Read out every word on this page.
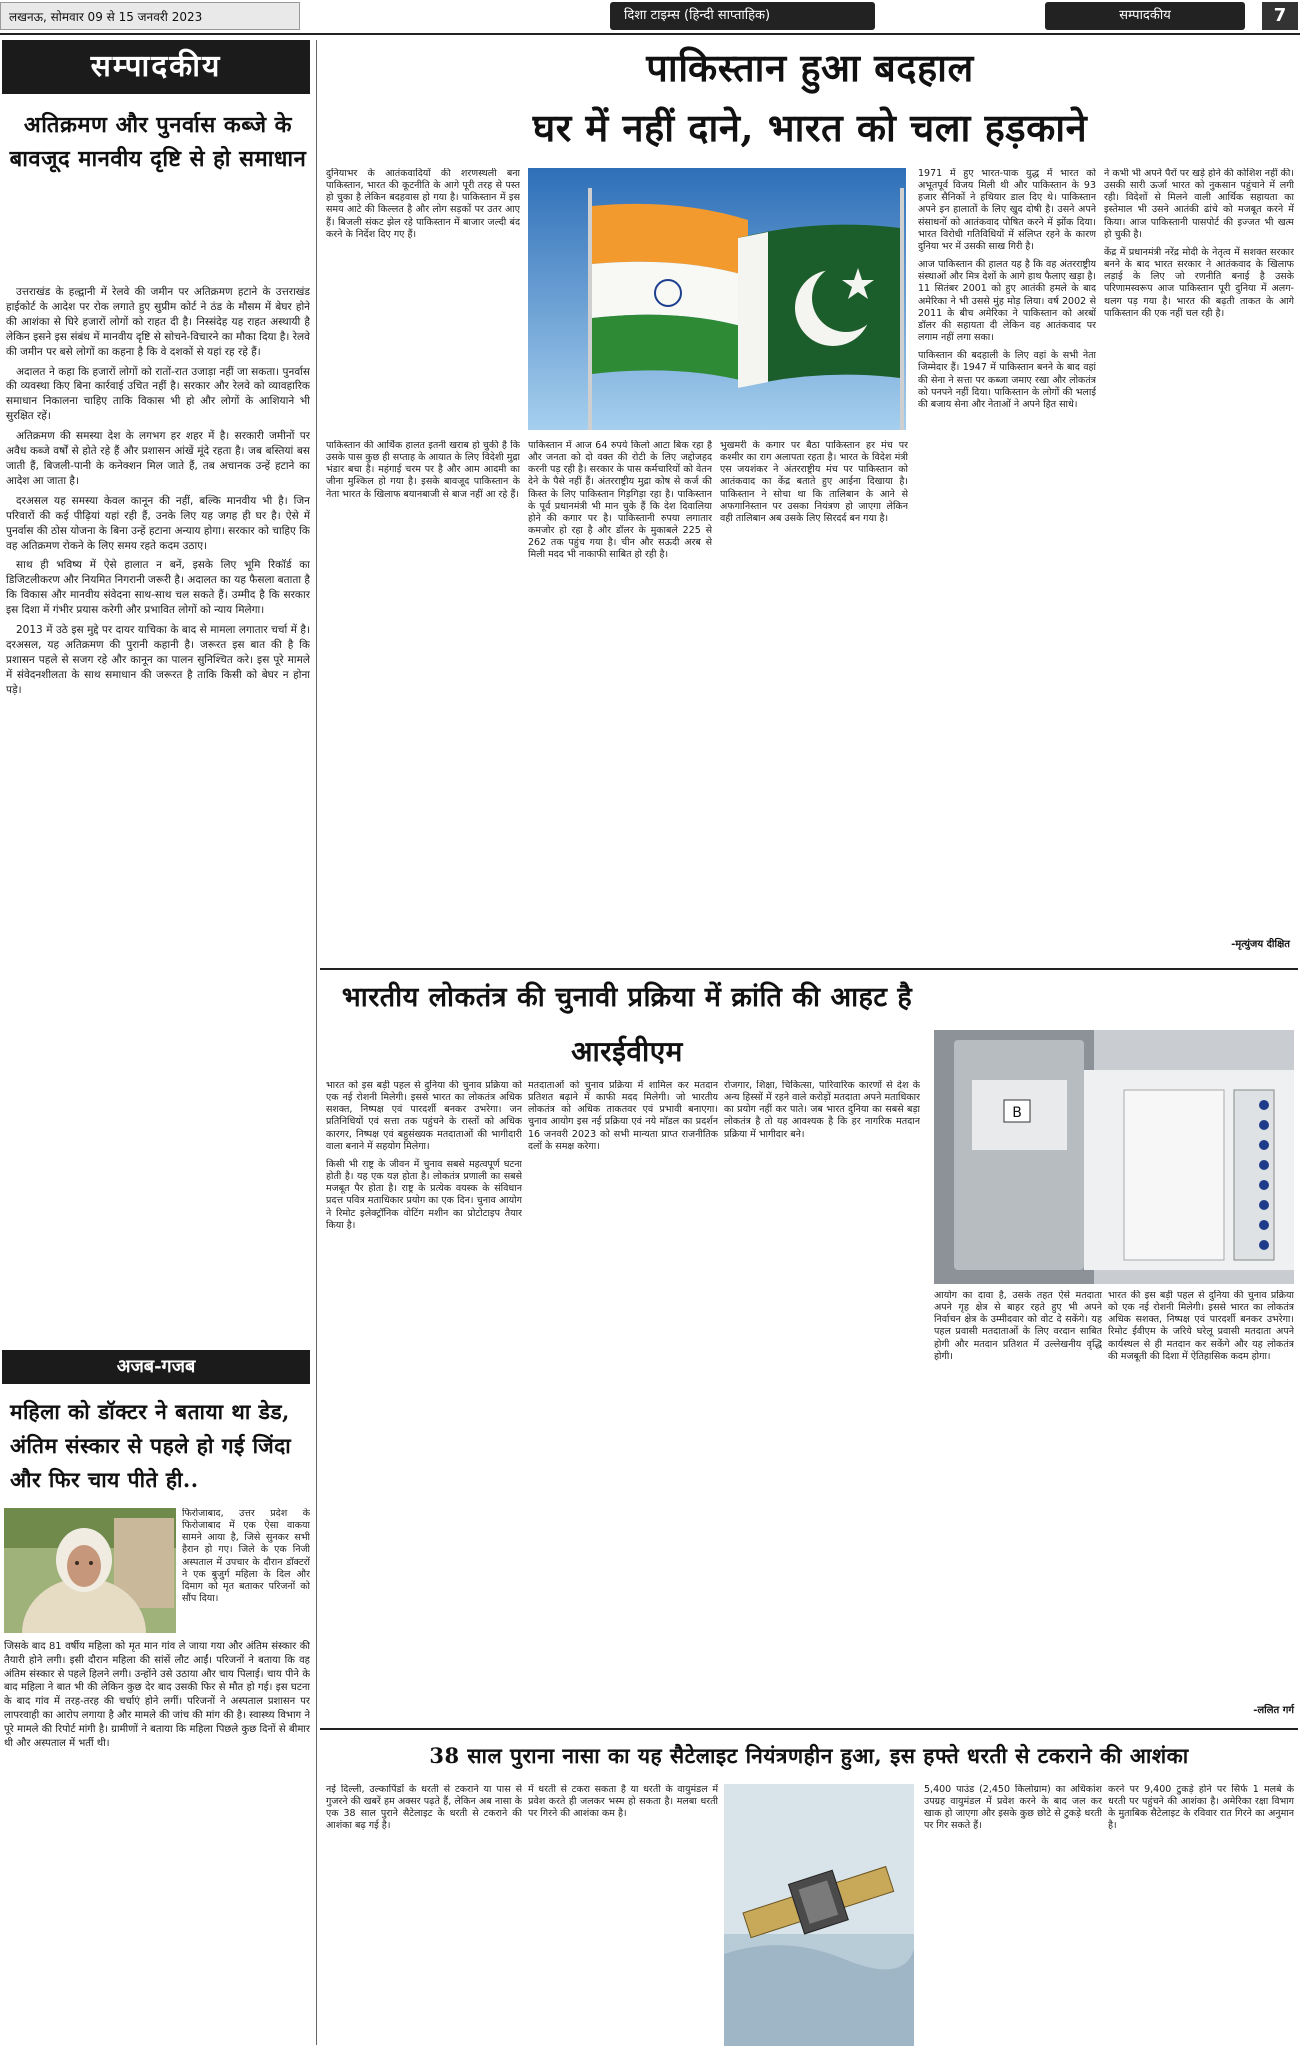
लखनऊ, सोमवार 09 से 15 जनवरी 2023	दिशा टाइम्स (हिन्दी साप्ताहिक)	सम्पादकीय	7
सम्पादकीय
अतिक्रमण और पुनर्वास कब्जे के बावजूद मानवीय दृष्टि से हो समाधान

उत्तराखंड के हल्द्वानी में रेलवे की जमीन पर अतिक्रमण हटाने के उत्तराखंड हाईकोर्ट के आदेश पर रोक लगाते हुए सुप्रीम कोर्ट ने ठंड के मौसम में बेघर होने की आशंका से घिरे हजारों लोगों को राहत दी है। निस्संदेह यह राहत अस्थायी है लेकिन इसने इस संबंध में मानवीय दृष्टि से सोचने-विचारने का मौका दिया है। रेलवे की जमीन पर बसे लोगों का कहना है कि वे दशकों से यहां रह रहे हैं।

अदालत ने कहा कि हजारों लोगों को रातों-रात उजाड़ा नहीं जा सकता। पुनर्वास की व्यवस्था किए बिना कार्रवाई उचित नहीं है। सरकार और रेलवे को व्यावहारिक समाधान निकालना चाहिए ताकि विकास भी हो और लोगों के आशियाने भी सुरक्षित रहें।

अतिक्रमण की समस्या देश के लगभग हर शहर में है। सरकारी जमीनों पर अवैध कब्जे वर्षों से होते रहे हैं और प्रशासन आंखें मूंदे रहता है। जब बस्तियां बस जाती हैं, बिजली-पानी के कनेक्शन मिल जाते हैं, तब अचानक उन्हें हटाने का आदेश आ जाता है।

दरअसल यह समस्या केवल कानून की नहीं, बल्कि मानवीय भी है। जिन परिवारों की कई पीढ़ियां यहां रही हैं, उनके लिए यह जगह ही घर है। ऐसे में पुनर्वास की ठोस योजना के बिना उन्हें हटाना अन्याय होगा। सरकार को चाहिए कि वह अतिक्रमण रोकने के लिए समय रहते कदम उठाए।

साथ ही भविष्य में ऐसे हालात न बनें, इसके लिए भूमि रिकॉर्ड का डिजिटलीकरण और नियमित निगरानी जरूरी है। अदालत का यह फैसला बताता है कि विकास और मानवीय संवेदना साथ-साथ चल सकते हैं। उम्मीद है कि सरकार इस दिशा में गंभीर प्रयास करेगी और प्रभावित लोगों को न्याय मिलेगा।

2013 में उठे इस मुद्दे पर दायर याचिका के बाद से मामला लगातार चर्चा में है। दरअसल, यह अतिक्रमण की पुरानी कहानी है। जरूरत इस बात की है कि प्रशासन पहले से सजग रहे और कानून का पालन सुनिश्चित करे। इस पूरे मामले में संवेदनशीलता के साथ समाधान की जरूरत है ताकि किसी को बेघर न होना पड़े।

अजब-गजब
महिला को डॉक्टर ने बताया था डेड, अंतिम संस्कार से पहले हो गई जिंदा और फिर चाय पीते ही..
फिरोजाबाद, उत्तर प्रदेश के फिरोजाबाद में एक ऐसा वाकया सामने आया है, जिसे सुनकर सभी हैरान हो गए। जिले के एक निजी अस्पताल में उपचार के दौरान डॉक्टरों ने एक बुजुर्ग महिला के दिल और दिमाग को मृत बताकर परिजनों को सौंप दिया।
जिसके बाद 81 वर्षीय महिला को मृत मान गांव ले जाया गया और अंतिम संस्कार की तैयारी होने लगी। इसी दौरान महिला की सांसें लौट आईं। परिजनों ने बताया कि वह अंतिम संस्कार से पहले हिलने लगी। उन्होंने उसे उठाया और चाय पिलाई। चाय पीने के बाद महिला ने बात भी की लेकिन कुछ देर बाद उसकी फिर से मौत हो गई। इस घटना के बाद गांव में तरह-तरह की चर्चाएं होने लगीं। परिजनों ने अस्पताल प्रशासन पर लापरवाही का आरोप लगाया है और मामले की जांच की मांग की है। स्वास्थ्य विभाग ने पूरे मामले की रिपोर्ट मांगी है। ग्रामीणों ने बताया कि महिला पिछले कुछ दिनों से बीमार थी और अस्पताल में भर्ती थी।
पाकिस्तान हुआ बदहाल
घर में नहीं दाने, भारत को चला हड़काने
दुनियाभर के आतंकवादियों की शरणस्थली बना पाकिस्तान, भारत की कूटनीति के आगे पूरी तरह से पस्त हो चुका है लेकिन बदहवास हो गया है। पाकिस्तान में इस समय आटे की किल्लत है और लोग सड़कों पर उतर आए हैं। बिजली संकट झेल रहे पाकिस्तान में बाजार जल्दी बंद करने के निर्देश दिए गए हैं।
पाकिस्तान की आर्थिक हालत इतनी खराब हो चुकी है कि उसके पास कुछ ही सप्ताह के आयात के लिए विदेशी मुद्रा भंडार बचा है। महंगाई चरम पर है और आम आदमी का जीना मुश्किल हो गया है। इसके बावजूद पाकिस्तान के नेता भारत के खिलाफ बयानबाजी से बाज नहीं आ रहे हैं।
पाकिस्तान में आज 64 रुपये किलो आटा बिक रहा है और जनता को दो वक्त की रोटी के लिए जद्दोजहद करनी पड़ रही है। सरकार के पास कर्मचारियों को वेतन देने के पैसे नहीं हैं। अंतरराष्ट्रीय मुद्रा कोष से कर्ज की किस्त के लिए पाकिस्तान गिड़गिड़ा रहा है। पाकिस्तान के पूर्व प्रधानमंत्री भी मान चुके हैं कि देश दिवालिया होने की कगार पर है। पाकिस्तानी रुपया लगातार कमजोर हो रहा है और डॉलर के मुकाबले 225 से 262 तक पहुंच गया है। चीन और सऊदी अरब से मिली मदद भी नाकाफी साबित हो रही है।
भुखमरी के कगार पर बैठा पाकिस्तान हर मंच पर कश्मीर का राग अलापता रहता है। भारत के विदेश मंत्री एस जयशंकर ने अंतरराष्ट्रीय मंच पर पाकिस्तान को आतंकवाद का केंद्र बताते हुए आईना दिखाया है। पाकिस्तान ने सोचा था कि तालिबान के आने से अफगानिस्तान पर उसका नियंत्रण हो जाएगा लेकिन वही तालिबान अब उसके लिए सिरदर्द बन गया है।

1971 में हुए भारत-पाक युद्ध में भारत को अभूतपूर्व विजय मिली थी और पाकिस्तान के 93 हजार सैनिकों ने हथियार डाल दिए थे। पाकिस्तान अपने इन हालातों के लिए खुद दोषी है। उसने अपने संसाधनों को आतंकवाद पोषित करने में झोंक दिया। भारत विरोधी गतिविधियों में संलिप्त रहने के कारण दुनिया भर में उसकी साख गिरी है।

आज पाकिस्तान की हालत यह है कि वह अंतरराष्ट्रीय संस्थाओं और मित्र देशों के आगे हाथ फैलाए खड़ा है। 11 सितंबर 2001 को हुए आतंकी हमले के बाद अमेरिका ने भी उससे मुंह मोड़ लिया। वर्ष 2002 से 2011 के बीच अमेरिका ने पाकिस्तान को अरबों डॉलर की सहायता दी लेकिन वह आतंकवाद पर लगाम नहीं लगा सका।

पाकिस्तान की बदहाली के लिए वहां के सभी नेता जिम्मेदार हैं। 1947 में पाकिस्तान बनने के बाद वहां की सेना ने सत्ता पर कब्जा जमाए रखा और लोकतंत्र को पनपने नहीं दिया। पाकिस्तान के लोगों की भलाई की बजाय सेना और नेताओं ने अपने हित साधे।

ने कभी भी अपने पैरों पर खड़े होने की कोशिश नहीं की। उसकी सारी ऊर्जा भारत को नुकसान पहुंचाने में लगी रही। विदेशों से मिलने वाली आर्थिक सहायता का इस्तेमाल भी उसने आतंकी ढांचे को मजबूत करने में किया। आज पाकिस्तानी पासपोर्ट की इज्जत भी खत्म हो चुकी है।

केंद्र में प्रधानमंत्री नरेंद्र मोदी के नेतृत्व में सशक्त सरकार बनने के बाद भारत सरकार ने आतंकवाद के खिलाफ लड़ाई के लिए जो रणनीति बनाई है उसके परिणामस्वरूप आज पाकिस्तान पूरी दुनिया में अलग-थलग पड़ गया है। भारत की बढ़ती ताकत के आगे पाकिस्तान की एक नहीं चल रही है।

-मृत्युंजय दीक्षित
भारतीय लोकतंत्र की चुनावी प्रक्रिया में क्रांति की आहट है
आरईवीएम
B

भारत को इस बड़ी पहल से दुनिया की चुनाव प्रक्रिया को एक नई रोशनी मिलेगी। इससे भारत का लोकतंत्र अधिक सशक्त, निष्पक्ष एवं पारदर्शी बनकर उभरेगा। जन प्रतिनिधियों एवं सत्ता तक पहुंचने के रास्तों को अधिक कारगर, निष्पक्ष एवं बहुसंख्यक मतदाताओं की भागीदारी वाला बनाने में सहयोग मिलेगा।

किसी भी राष्ट्र के जीवन में चुनाव सबसे महत्वपूर्ण घटना होती है। यह एक यज्ञ होता है। लोकतंत्र प्रणाली का सबसे मजबूत पैर होता है। राष्ट्र के प्रत्येक वयस्क के संविधान प्रदत्त पवित्र मताधिकार प्रयोग का एक दिन। चुनाव आयोग ने रिमोट इलेक्ट्रॉनिक वोटिंग मशीन का प्रोटोटाइप तैयार किया है।

मतदाताओं को चुनाव प्रक्रिया में शामिल कर मतदान प्रतिशत बढ़ाने में काफी मदद मिलेगी। जो भारतीय लोकतंत्र को अधिक ताकतवर एवं प्रभावी बनाएगा। चुनाव आयोग इस नई प्रक्रिया एवं नये मॉडल का प्रदर्शन 16 जनवरी 2023 को सभी मान्यता प्राप्त राजनीतिक दलों के समक्ष करेगा।
रोजगार, शिक्षा, चिकित्सा, पारिवारिक कारणों से देश के अन्य हिस्सों में रहने वाले करोड़ों मतदाता अपने मताधिकार का प्रयोग नहीं कर पाते। जब भारत दुनिया का सबसे बड़ा लोकतंत्र है तो यह आवश्यक है कि हर नागरिक मतदान प्रक्रिया में भागीदार बने।
आयोग का दावा है, उसके तहत ऐसे मतदाता अपने गृह क्षेत्र से बाहर रहते हुए भी अपने निर्वाचन क्षेत्र के उम्मीदवार को वोट दे सकेंगे। यह पहल प्रवासी मतदाताओं के लिए वरदान साबित होगी और मतदान प्रतिशत में उल्लेखनीय वृद्धि होगी।
भारत की इस बड़ी पहल से दुनिया की चुनाव प्रक्रिया को एक नई रोशनी मिलेगी। इससे भारत का लोकतंत्र अधिक सशक्त, निष्पक्ष एवं पारदर्शी बनकर उभरेगा। रिमोट ईवीएम के जरिये घरेलू प्रवासी मतदाता अपने कार्यस्थल से ही मतदान कर सकेंगे और यह लोकतंत्र की मजबूती की दिशा में ऐतिहासिक कदम होगा।
-ललित गर्ग
38 साल पुराना नासा का यह सैटेलाइट नियंत्रणहीन हुआ, इस हफ्ते धरती से टकराने की आशंका
नई दिल्ली, उल्कापिंडों के धरती से टकराने या पास से गुजरने की खबरें हम अक्सर पढ़ते हैं, लेकिन अब नासा के एक 38 साल पुराने सैटेलाइट के धरती से टकराने की आशंका बढ़ गई है।
में धरती से टकरा सकता है या धरती के वायुमंडल में प्रवेश करते ही जलकर भस्म हो सकता है। मलबा धरती पर गिरने की आशंका कम है।
5,400 पाउंड (2,450 किलोग्राम) का अधिकांश उपग्रह वायुमंडल में प्रवेश करने के बाद जल कर खाक हो जाएगा और इसके कुछ छोटे से टुकड़े धरती पर गिर सकते हैं।
करने पर 9,400 टुकड़े होने पर सिर्फ 1 मलबे के धरती पर पहुंचने की आशंका है। अमेरिका रक्षा विभाग के मुताबिक सैटेलाइट के रविवार रात गिरने का अनुमान है।
